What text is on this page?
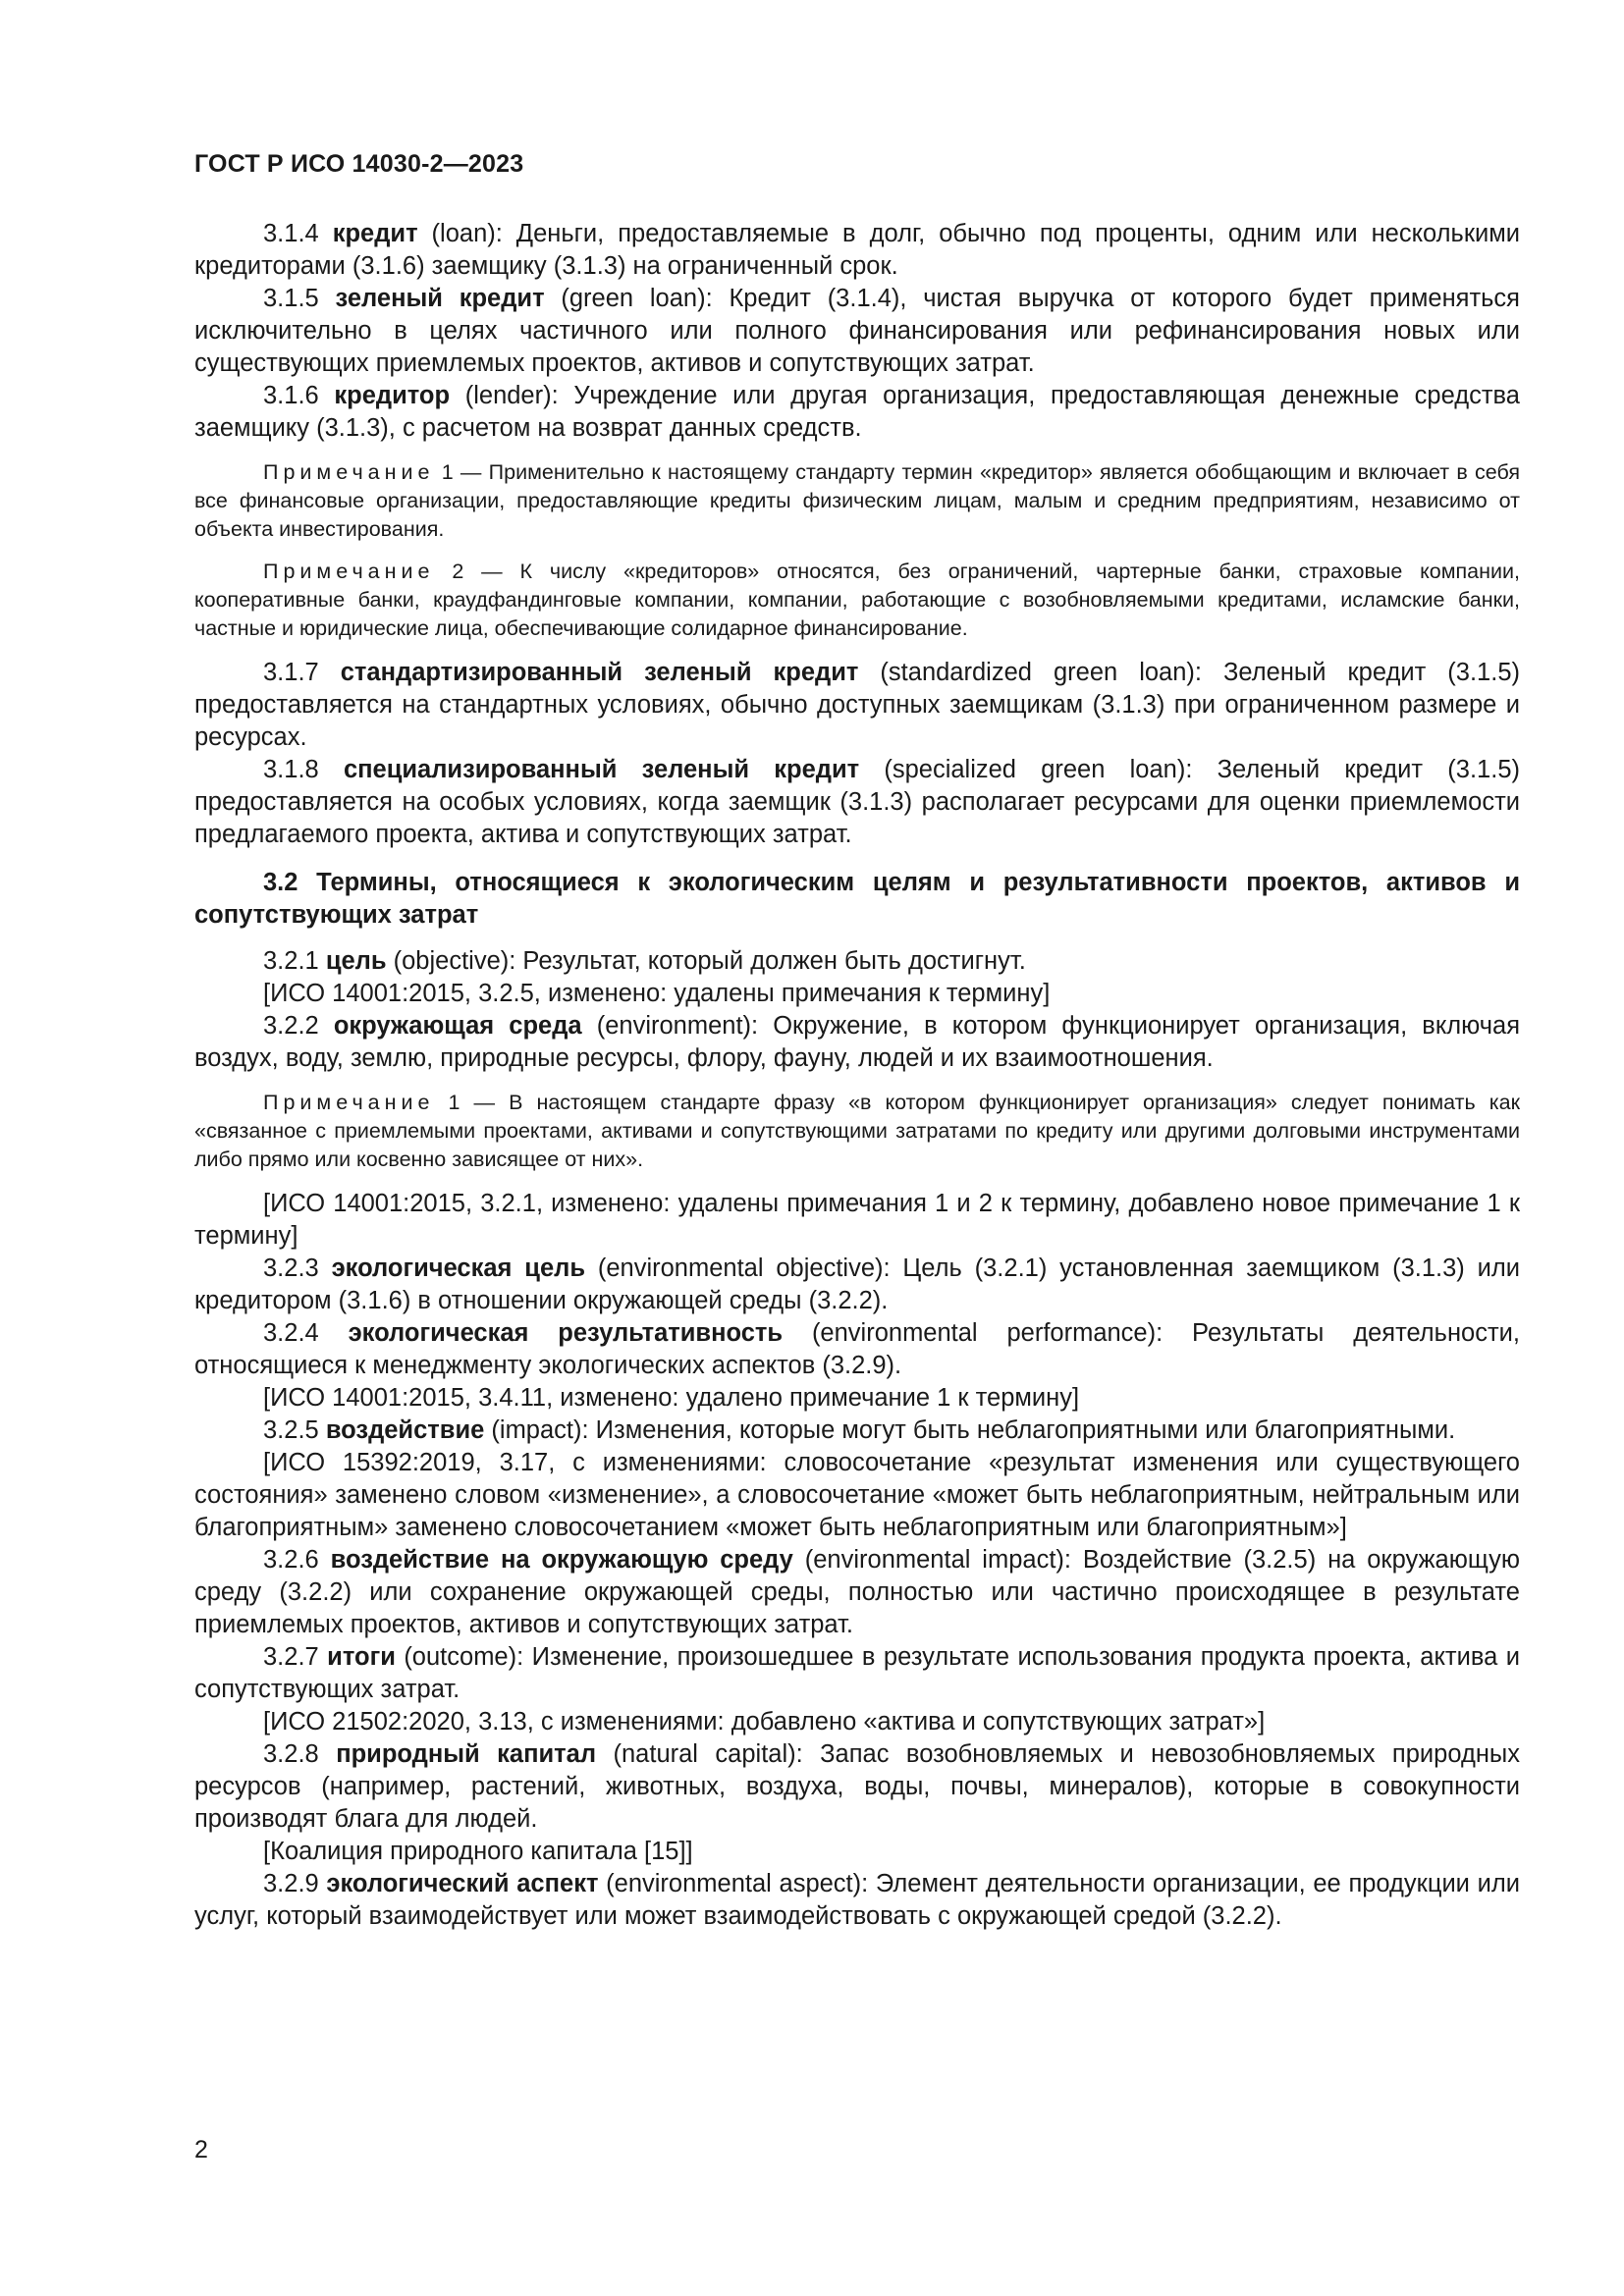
ГОСТ Р ИСО 14030-2—2023

3.1.4 кредит (loan): Деньги, предоставляемые в долг, обычно под проценты, одним или несколькими кредиторами (3.1.6) заемщику (3.1.3) на ограниченный срок.

3.1.5 зеленый кредит (green loan): Кредит (3.1.4), чистая выручка от которого будет применяться исключительно в целях частичного или полного финансирования или рефинансирования новых или существующих приемлемых проектов, активов и сопутствующих затрат.

3.1.6 кредитор (lender): Учреждение или другая организация, предоставляющая денежные средства заемщику (3.1.3), с расчетом на возврат данных средств.

Примечание 1 — Применительно к настоящему стандарту термин «кредитор» является обобщающим и включает в себя все финансовые организации, предоставляющие кредиты физическим лицам, малым и средним предприятиям, независимо от объекта инвестирования.

Примечание 2 — К числу «кредиторов» относятся, без ограничений, чартерные банки, страховые компании, кооперативные банки, краудфандинговые компании, компании, работающие с возобновляемыми кредитами, исламские банки, частные и юридические лица, обеспечивающие солидарное финансирование.

3.1.7 стандартизированный зеленый кредит (standardized green loan): Зеленый кредит (3.1.5) предоставляется на стандартных условиях, обычно доступных заемщикам (3.1.3) при ограниченном размере и ресурсах.

3.1.8 специализированный зеленый кредит (specialized green loan): Зеленый кредит (3.1.5) предоставляется на особых условиях, когда заемщик (3.1.3) располагает ресурсами для оценки приемлемости предлагаемого проекта, актива и сопутствующих затрат.

3.2 Термины, относящиеся к экологическим целям и результативности проектов, активов и сопутствующих затрат

3.2.1 цель (objective): Результат, который должен быть достигнут.

[ИСО 14001:2015, 3.2.5, изменено: удалены примечания к термину]

3.2.2 окружающая среда (environment): Окружение, в котором функционирует организация, включая воздух, воду, землю, природные ресурсы, флору, фауну, людей и их взаимоотношения.

Примечание 1 — В настоящем стандарте фразу «в котором функционирует организация» следует понимать как «связанное с приемлемыми проектами, активами и сопутствующими затратами по кредиту или другими долговыми инструментами либо прямо или косвенно зависящее от них».

[ИСО 14001:2015, 3.2.1, изменено: удалены примечания 1 и 2 к термину, добавлено новое примечание 1 к термину]

3.2.3 экологическая цель (environmental objective): Цель (3.2.1) установленная заемщиком (3.1.3) или кредитором (3.1.6) в отношении окружающей среды (3.2.2).

3.2.4 экологическая результативность (environmental performance): Результаты деятельности, относящиеся к менеджменту экологических аспектов (3.2.9).

[ИСО 14001:2015, 3.4.11, изменено: удалено примечание 1 к термину]

3.2.5 воздействие (impact): Изменения, которые могут быть неблагоприятными или благоприятными.

[ИСО 15392:2019, 3.17, с изменениями: словосочетание «результат изменения или существующего состояния» заменено словом «изменение», а словосочетание «может быть неблагоприятным, нейтральным или благоприятным» заменено словосочетанием «может быть неблагоприятным или благоприятным»]

3.2.6 воздействие на окружающую среду (environmental impact): Воздействие (3.2.5) на окружающую среду (3.2.2) или сохранение окружающей среды, полностью или частично происходящее в результате приемлемых проектов, активов и сопутствующих затрат.

3.2.7 итоги (outcome): Изменение, произошедшее в результате использования продукта проекта, актива и сопутствующих затрат.

[ИСО 21502:2020, 3.13, с изменениями: добавлено «актива и сопутствующих затрат»]

3.2.8 природный капитал (natural capital): Запас возобновляемых и невозобновляемых природных ресурсов (например, растений, животных, воздуха, воды, почвы, минералов), которые в совокупности производят блага для людей.

[Коалиция природного капитала [15]]

3.2.9 экологический аспект (environmental aspect): Элемент деятельности организации, ее продукции или услуг, который взаимодействует или может взаимодействовать с окружающей средой (3.2.2).

2
